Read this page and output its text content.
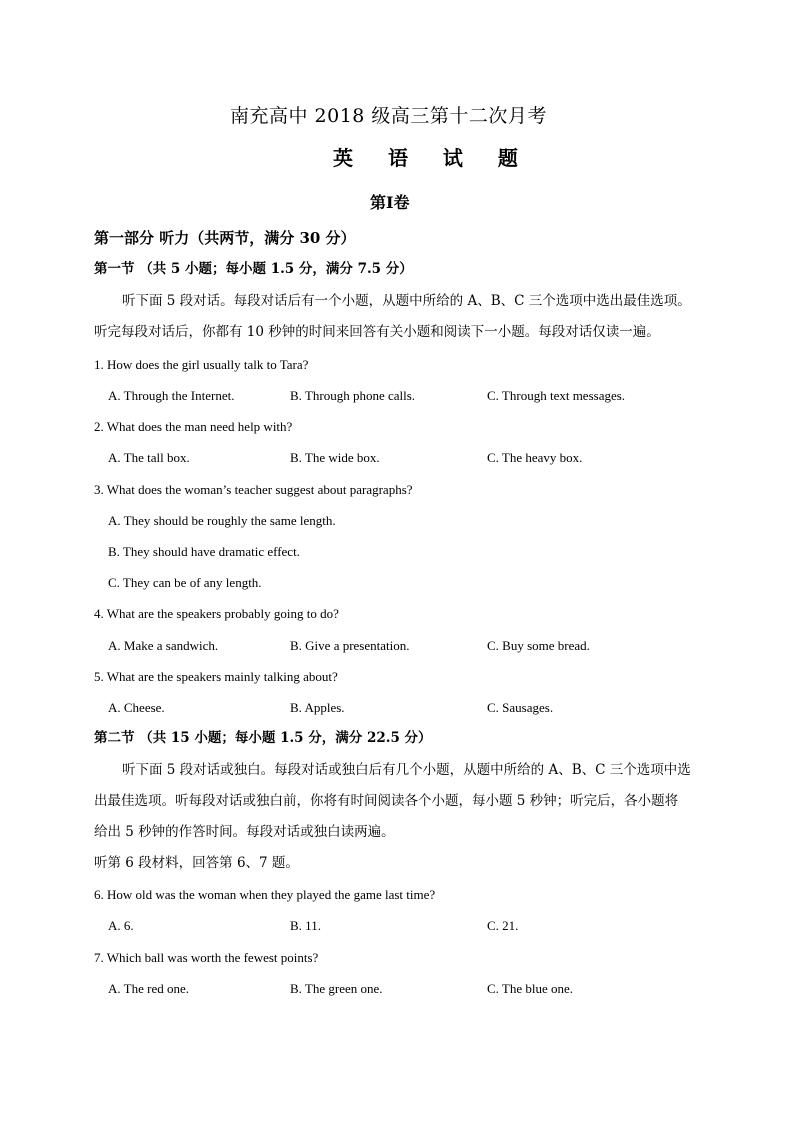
南充高中 2018 级高三第十二次月考
英 语 试 题
第Ⅰ卷
第一部分 听力（共两节，满分 30 分）
第一节 （共 5 小题；每小题 1.5 分，满分 7.5 分）
听下面 5 段对话。每段对话后有一个小题，从题中所给的 A、B、C 三个选项中选出最佳选项。
听完每段对话后，你都有 10 秒钟的时间来回答有关小题和阅读下一小题。每段对话仅读一遍。
1. How does the girl usually talk to Tara?
A. Through the Internet.	B. Through phone calls.	C. Through text messages.
2. What does the man need help with?
A. The tall box.	B. The wide box.	C. The heavy box.
3. What does the woman’s teacher suggest about paragraphs?
A. They should be roughly the same length.
B. They should have dramatic effect.
C. They can be of any length.
4. What are the speakers probably going to do?
A. Make a sandwich.	B. Give a presentation.	C. Buy some bread.
5. What are the speakers mainly talking about?
A. Cheese.	B. Apples.	C. Sausages.
第二节 （共 15 小题；每小题 1.5 分，满分 22.5 分）
听下面 5 段对话或独白。每段对话或独白后有几个小题，从题中所给的 A、B、C 三个选项中选
出最佳选项。听每段对话或独白前，你将有时间阅读各个小题，每小题 5 秒钟；听完后，各小题将
给出 5 秒钟的作答时间。每段对话或独白读两遍。
听第 6 段材料，回答第 6、7 题。
6. How old was the woman when they played the game last time?
A. 6.	B. 11.	C. 21.
7. Which ball was worth the fewest points?
A. The red one.	B. The green one.	C. The blue one.
